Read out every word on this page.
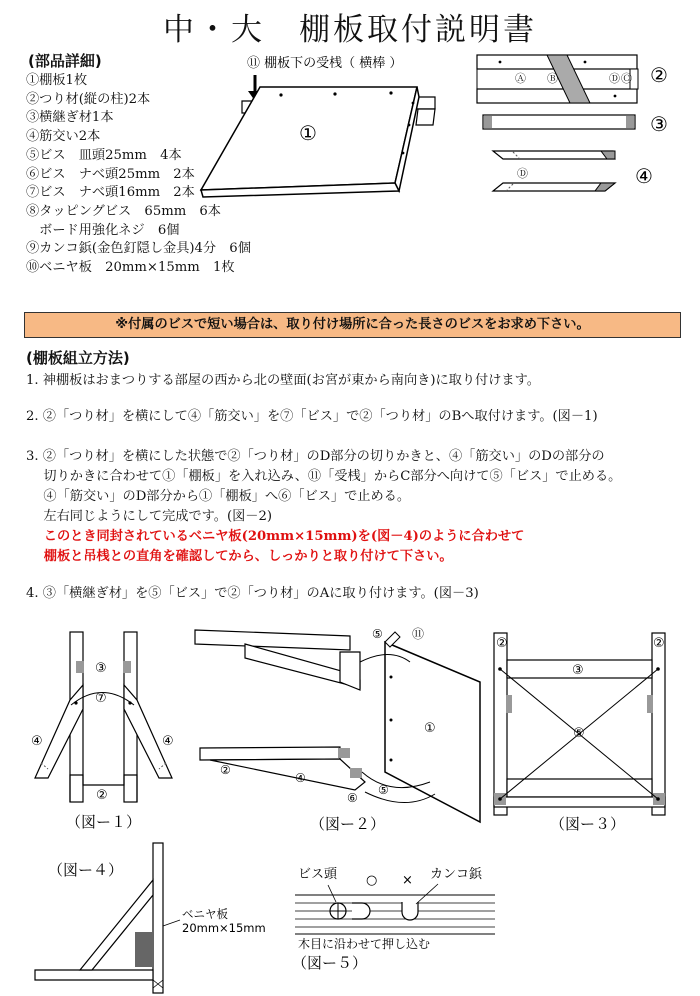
中・大　棚板取付説明書
(部品詳細)
①棚板1枚
②つり材(縦の柱)2本
③横継ぎ材1本
④筋交い2本
⑤ビス　皿頭25mm　4本
⑥ビス　ナベ頭25mm　2本
⑦ビス　ナベ頭16mm　2本
⑧タッピングビス　65mm　6本
　ボード用強化ネジ　6個
⑨カンコ鋲(金色釘隠し金具)4分　6個
⑩ベニヤ板　20mm×15mm　1枚
⑪ 棚板下の受桟（ 横棒 ）
①
Ⓐ Ⓑ	Ⓓ Ⓒ ②
③
Ⓓ	④
※付属のビスで短い場合は、取り付け場所に合った長さのビスをお求め下さい。
(棚板組立方法)
1. 神棚板はおまつりする部屋の西から北の壁面(お宮が東から南向き)に取り付けます。
2. ②「つり材」を横にして④「筋交い」を⑦「ビス」で②「つり材」のBへ取付けます。(図－1)
3. ②「つり材」を横にした状態で②「つり材」のD部分の切りかきと、④「筋交い」のDの部分の
　 切りかきに合わせて①「棚板」を入れ込み、⑪「受桟」からC部分へ向けて⑤「ビス」で止める。
　 ④「筋交い」のD部分から①「棚板」へ⑥「ビス」で止める。
　 左右同じようにして完成です。(図－2)
　 このとき同封されているベニヤ板(20mm×15mm)を(図－4)のように合わせて
　 棚板と吊桟との直角を確認してから、しっかりと取り付けて下さい。
4. ③「横継ぎ材」を⑤「ビス」で②「つり材」のAに取り付けます。(図－3)
③
⑦
④	④
②
（図ー１）
⑤ ⑪
①
②
④
⑥
⑤
（図ー２）
②	②
③
⑤
（図ー３）
（図ー４）
ベニヤ板
20mm×15mm
ビス頭 ○ × カンコ鋲
木目に沿わせて押し込む
（図ー５）
